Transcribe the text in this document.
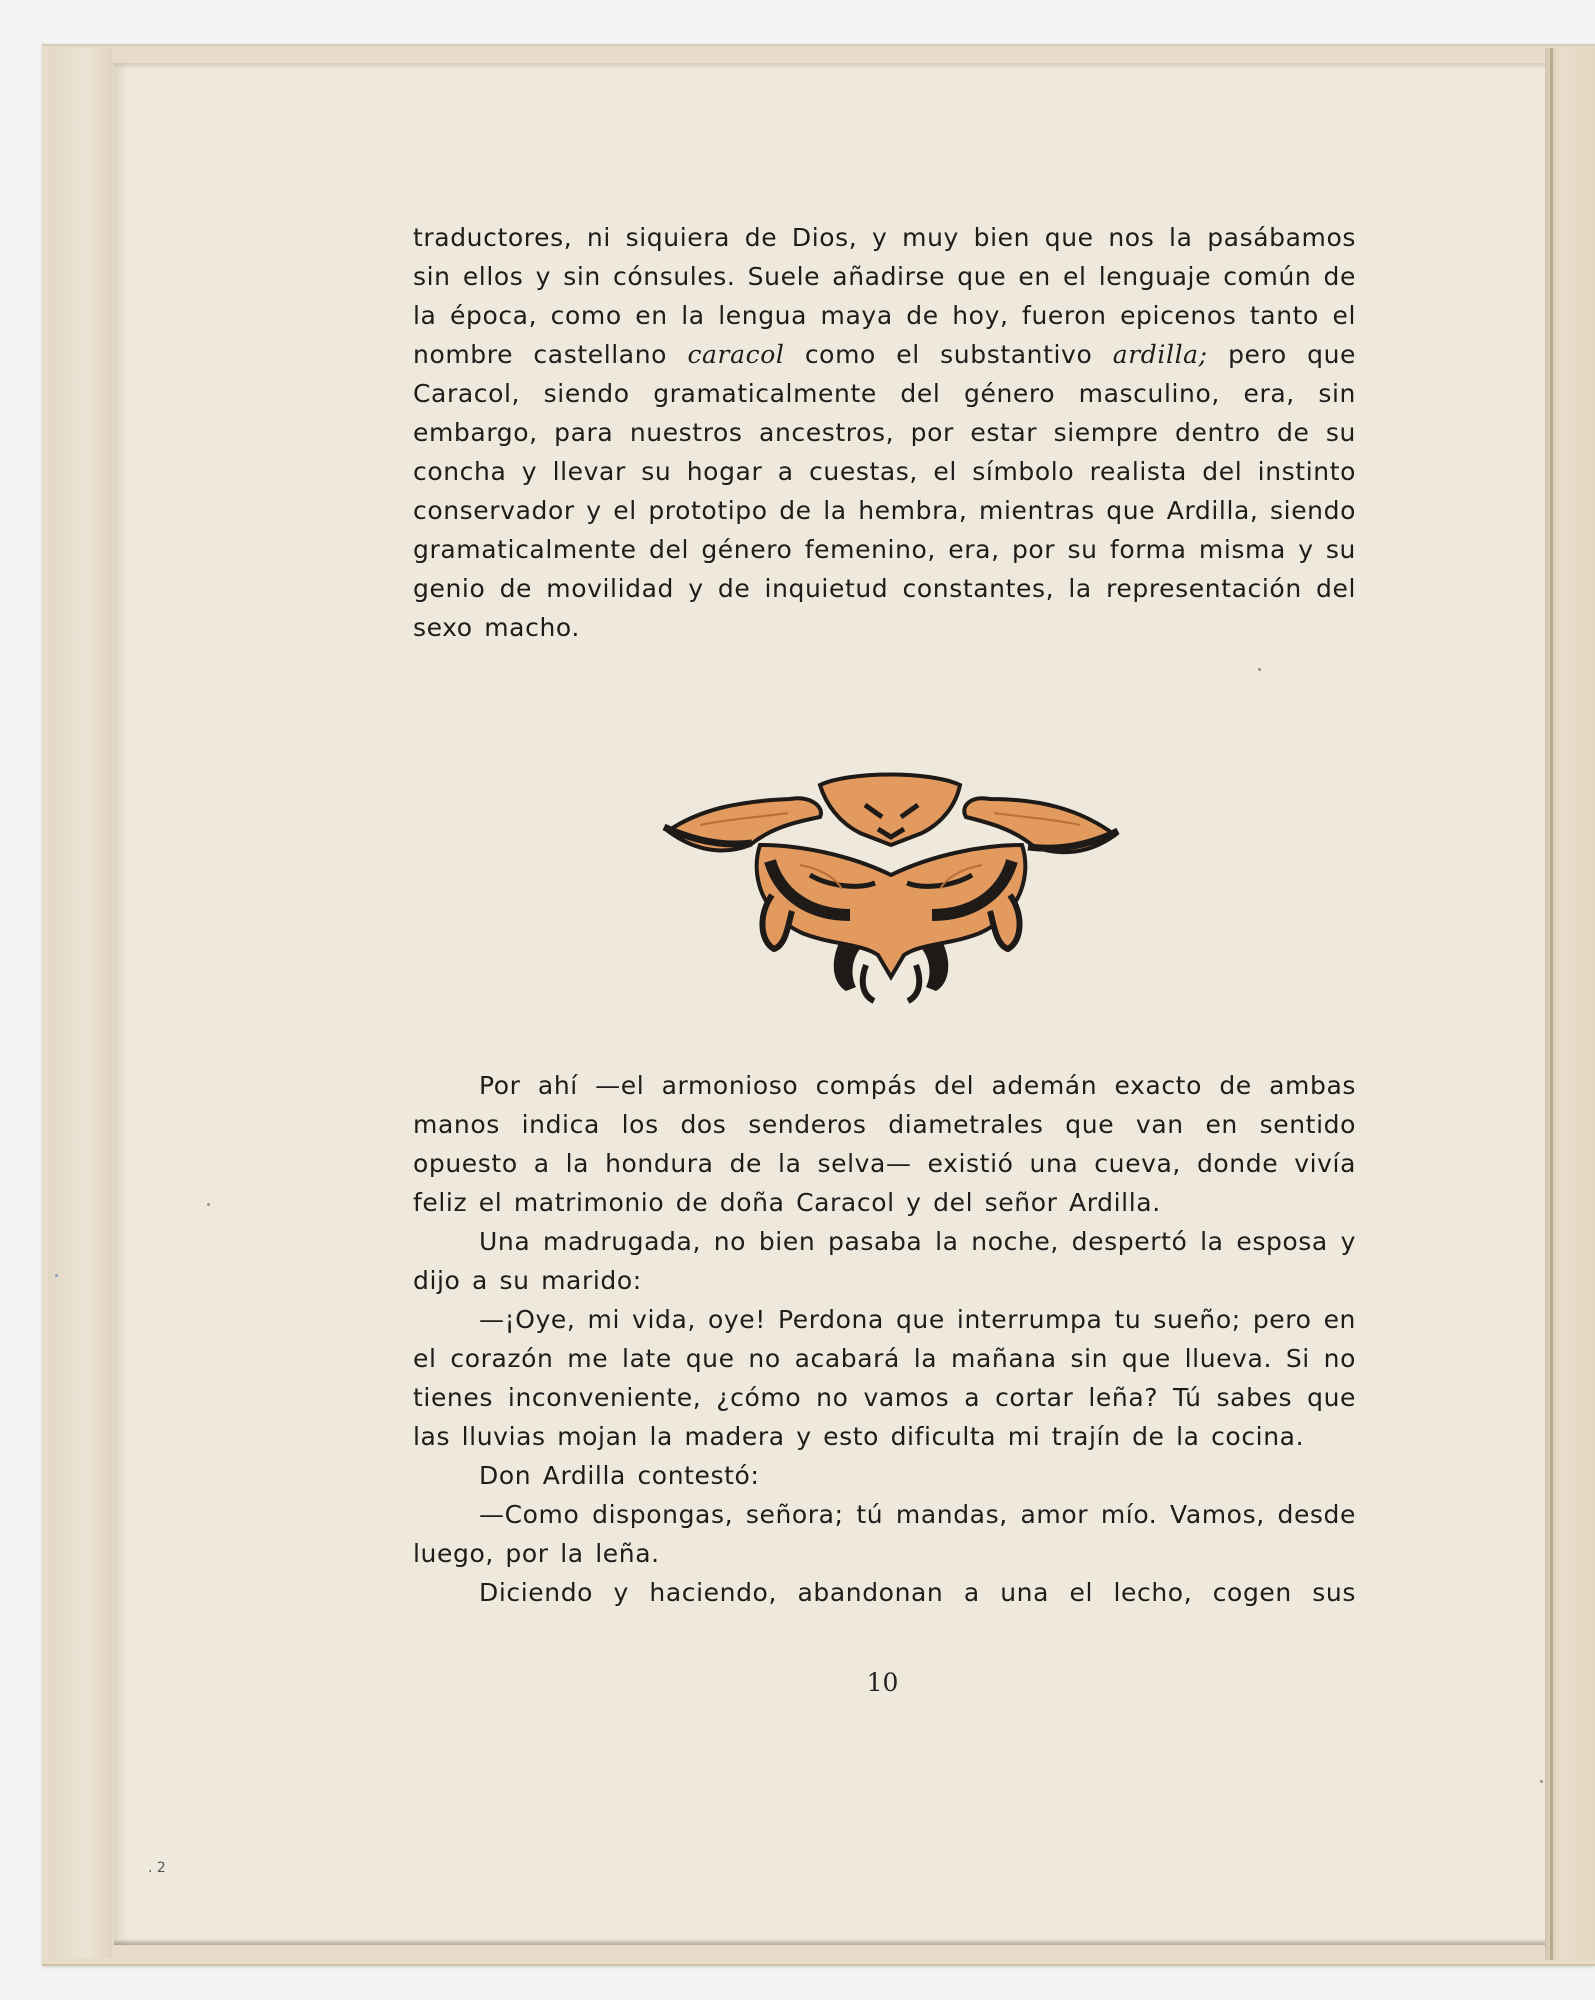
traductores, ni siquiera de Dios, y muy bien que nos la pasábamos sin ellos y sin cónsules. Suele añadirse que en el lenguaje común de la época, como en la lengua maya de hoy, fueron epicenos tanto el nombre castellano caracol como el substantivo ardilla; pero que Caracol, siendo gramaticalmente del género masculino, era, sin embargo, para nuestros ancestros, por estar siempre dentro de su concha y llevar su hogar a cuestas, el símbolo realista del instinto conservador y el prototipo de la hembra, mientras que Ardilla, siendo gramaticalmente del género femenino, era, por su forma misma y su genio de movilidad y de inquietud constantes, la representación del sexo macho.

Por ahí —el armonioso compás del ademán exacto de ambas manos indica los dos senderos diametrales que van en sentido opuesto a la hondura de la selva— existió una cueva, donde vivía feliz el matrimonio de doña Caracol y del señor Ardilla.

Una madrugada, no bien pasaba la noche, despertó la esposa y dijo a su marido:

—¡Oye, mi vida, oye! Perdona que interrumpa tu sueño; pero en el corazón me late que no acabará la mañana sin que llueva. Si no tienes inconveniente, ¿cómo no vamos a cortar leña? Tú sabes que las lluvias mojan la madera y esto dificulta mi trajín de la cocina.

Don Ardilla contestó:

—Como dispongas, señora; tú mandas, amor mío. Vamos, desde luego, por la leña.

Diciendo y haciendo, abandonan a una el lecho, cogen sus

10
. 2
